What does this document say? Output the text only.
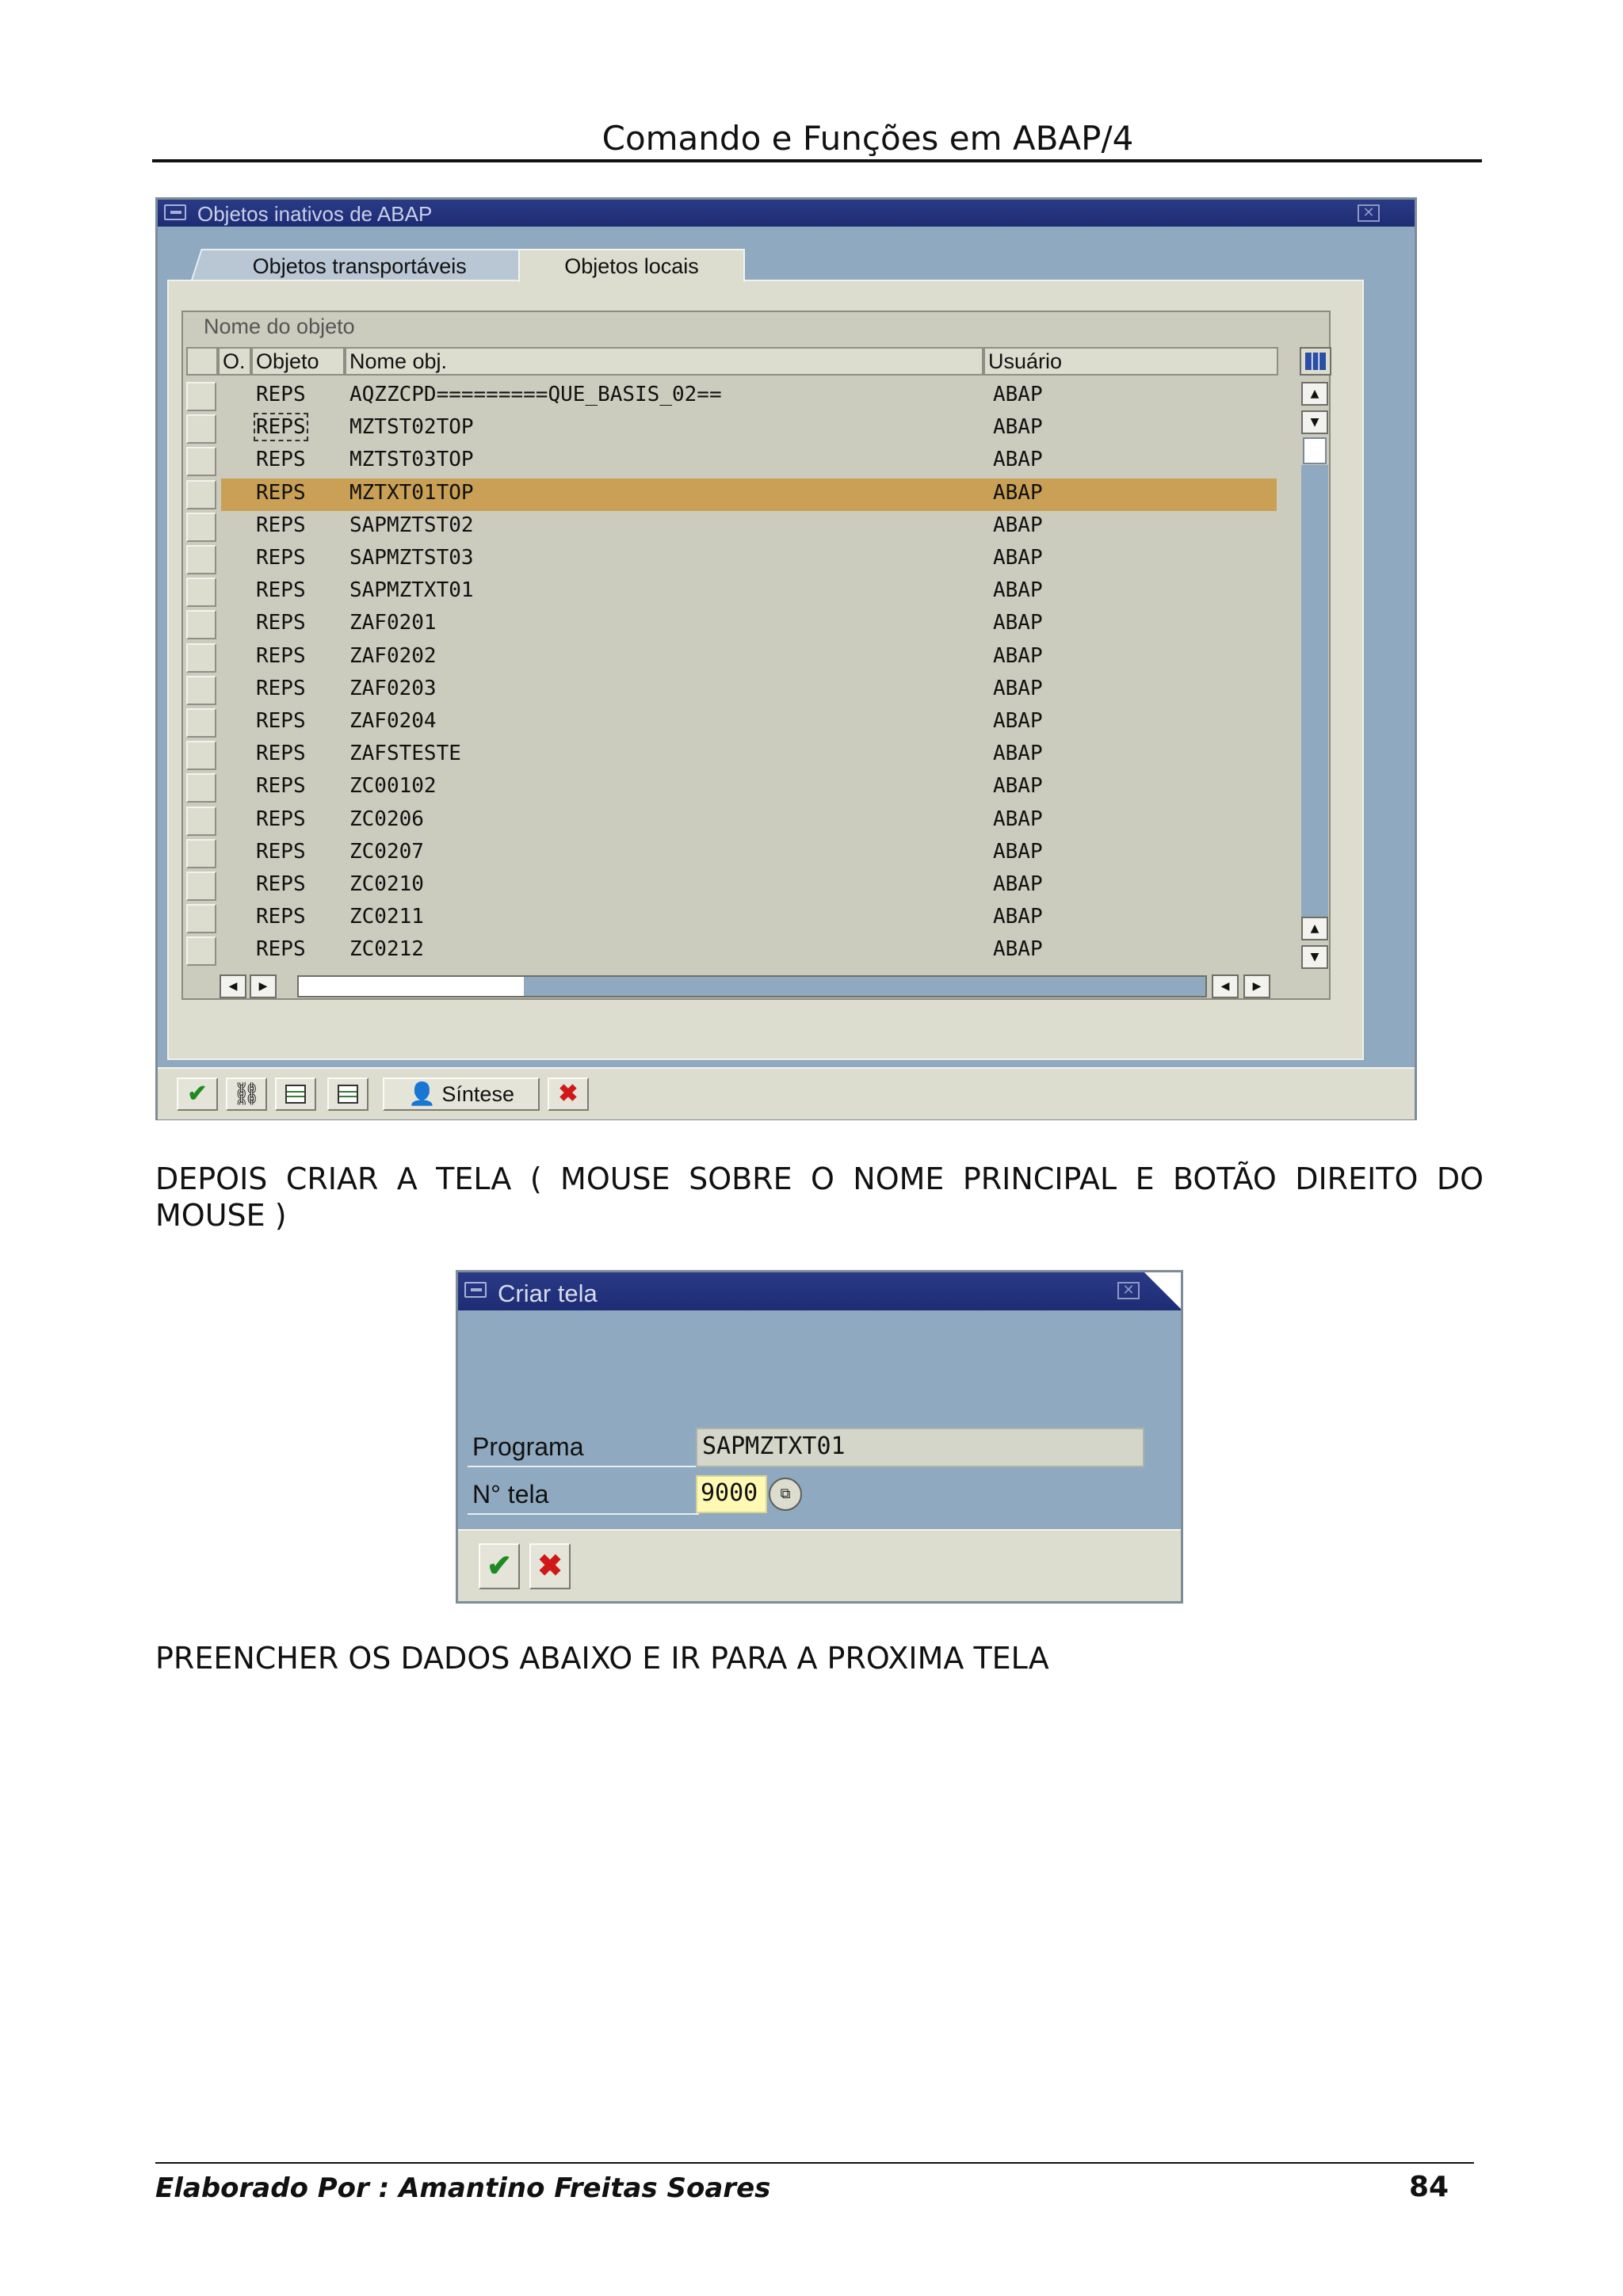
Comando e Funções em ABAP/4
Objetos inativos de ABAP	✕
Objetos transportáveis	Objetos locais
Nome do objeto
O. Objeto	Nome obj.	Usuário
REPS AQZZCPD=========QUE_BASIS_02==	ABAP
REPS MZTST02TOP	ABAP
REPS MZTST03TOP	ABAP
REPS MZTXT01TOP	ABAP
REPS SAPMZTST02	ABAP
REPS SAPMZTST03	ABAP
REPS SAPMZTXT01	ABAP
REPS ZAF0201	ABAP
REPS ZAF0202	ABAP
REPS ZAF0203	ABAP
REPS ZAF0204	ABAP
REPS ZAFSTESTE	ABAP
REPS ZC00102	ABAP
REPS ZC0206	ABAP
REPS ZC0207	ABAP
REPS ZC0210	ABAP
REPS ZC0211	ABAP
REPS ZC0212	ABAP
▲
▼
▲
▼
◀	▶	◀	▶
✔	⛓	👤 Síntese	✖
DEPOIS CRIAR A TELA ( MOUSE SOBRE O NOME PRINCIPAL E BOTÃO DIREITO DO MOUSE )
Criar tela	✕
Programa	SAPMZTXT01
N° tela	9000	⧉
✔ ✖
PREENCHER OS DADOS ABAIXO E IR PARA A PROXIMA TELA
Elaborado Por : Amantino Freitas Soares	84
